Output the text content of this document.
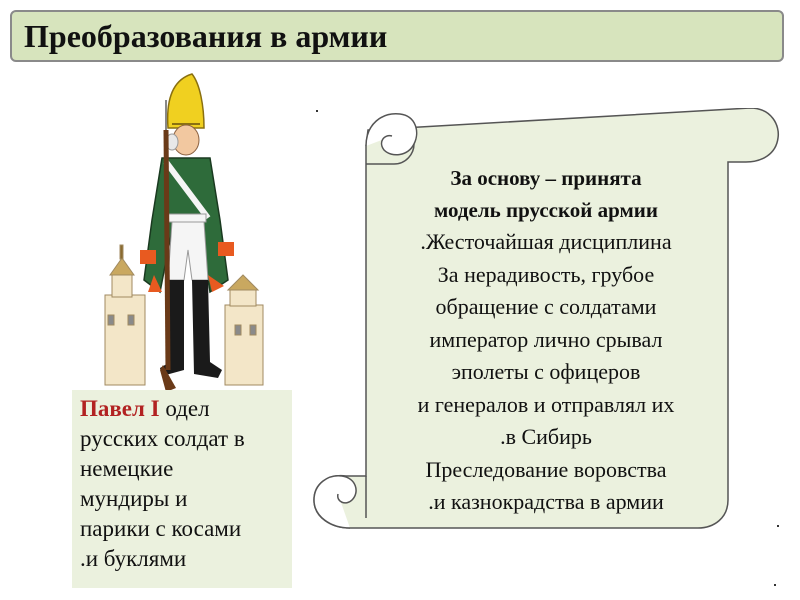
Преобразования в армии
Павел I одел
русских солдат в
немецкие
мундиры и
парики с косами
.и буклями
За основу – принята
модель прусской армии
.Жесточайшая дисциплина
За нерадивость, грубое
обращение с солдатами
император лично срывал
эполеты с офицеров
и генералов и отправлял их
.в Сибирь
Преследование воровства
.и казнокрадства в армии
